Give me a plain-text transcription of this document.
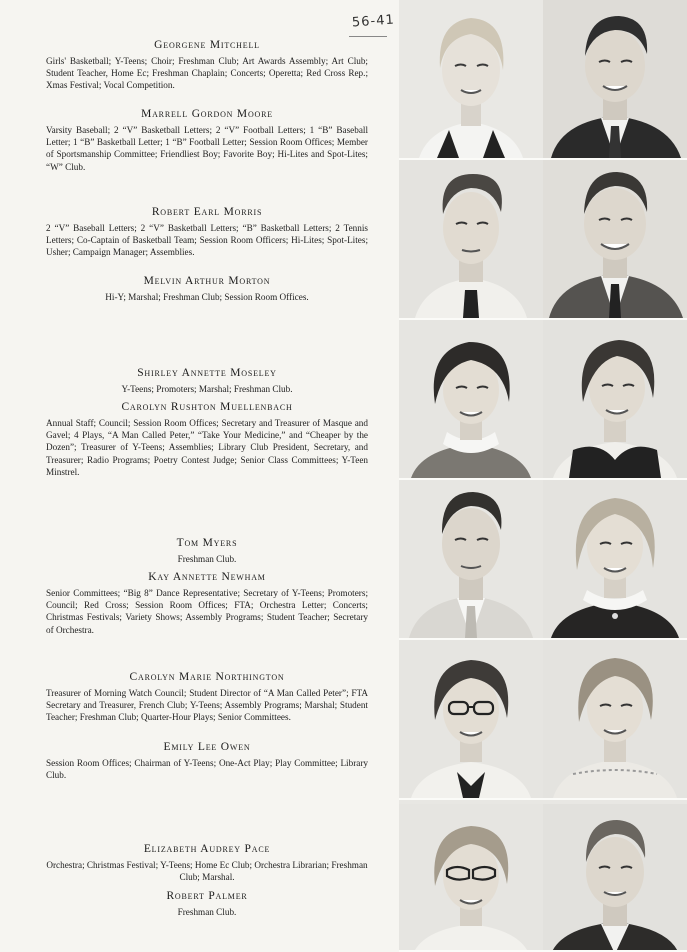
56-41
Georgene Mitchell

Girls' Basketball; Y-Teens; Choir; Freshman Club; Art Awards Assembly; Art Club; Student Teacher, Home Ec; Freshman Chaplain; Concerts; Operetta; Red Cross Rep.; Xmas Festival; Vocal Competition.

Marrell Gordon Moore

Varsity Baseball; 2 “V” Basketball Letters; 2 “V” Football Letters; 1 “B” Baseball Letter; 1 “B” Basketball Letter; 1 “B” Football Letter; Session Room Offices; Member of Sportsmanship Committee; Friendliest Boy; Favorite Boy; Hi-Lites and Spot-Lites; “W” Club.

Robert Earl Morris

2 “V” Baseball Letters; 2 “V” Basketball Letters; “B” Basketball Letters; 2 Tennis Letters; Co-Captain of Basketball Team; Session Room Officers; Hi-Lites; Spot-Lites; Usher; Campaign Manager; Assemblies.

Melvin Arthur Morton

Hi-Y; Marshal; Freshman Club; Session Room Offices.

Shirley Annette Moseley

Y-Teens; Promoters; Marshal; Freshman Club.

Carolyn Rushton Muellenbach

Annual Staff; Council; Session Room Offices; Secretary and Treasurer of Masque and Gavel; 4 Plays, “A Man Called Peter,” “Take Your Medicine,” and “Cheaper by the Dozen”; Treasurer of Y-Teens; Assemblies; Library Club President, Secretary, and Treasurer; Radio Programs; Poetry Contest Judge; Senior Class Committees; Y-Teen Minstrel.

Tom Myers

Freshman Club.

Kay Annette Newham

Senior Committees; “Big 8” Dance Representative; Secretary of Y-Teens; Promoters; Council; Red Cross; Session Room Offices; FTA; Orchestra Letter; Concerts; Christmas Festivals; Variety Shows; Assembly Programs; Student Teacher; Secretary of Orchestra.

Carolyn Marie Northington

Treasurer of Morning Watch Council; Student Director of “A Man Called Peter”; FTA Secretary and Treasurer, French Club; Y-Teens; Assembly Programs; Marshal; Student Teacher; Freshman Club; Quarter-Hour Plays; Senior Committees.

Emily Lee Owen

Session Room Offices; Chairman of Y-Teens; One-Act Play; Play Committee; Library Club.

Elizabeth Audrey Pace

Orchestra; Christmas Festival; Y-Teens; Home Ec Club; Orchestra Librarian; Freshman Club; Marshal.

Robert Palmer

Freshman Club.
